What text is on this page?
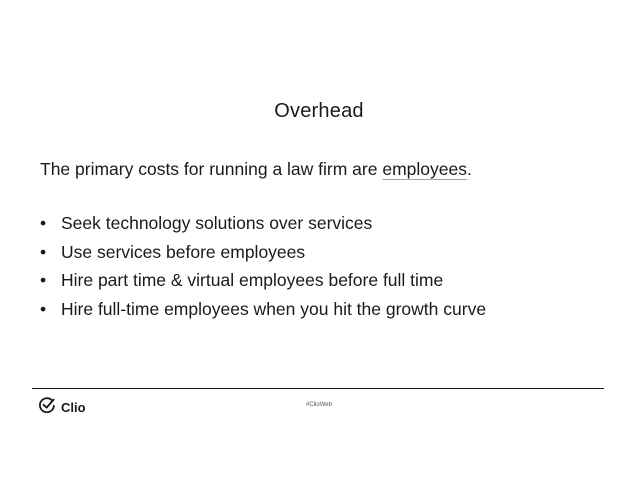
Overhead
The primary costs for running a law firm are employees.
• Seek technology solutions over services
• Use services before employees
• Hire part time & virtual employees before full time
• Hire full-time employees when you hit the growth curve
Clio	#ClioWeb
